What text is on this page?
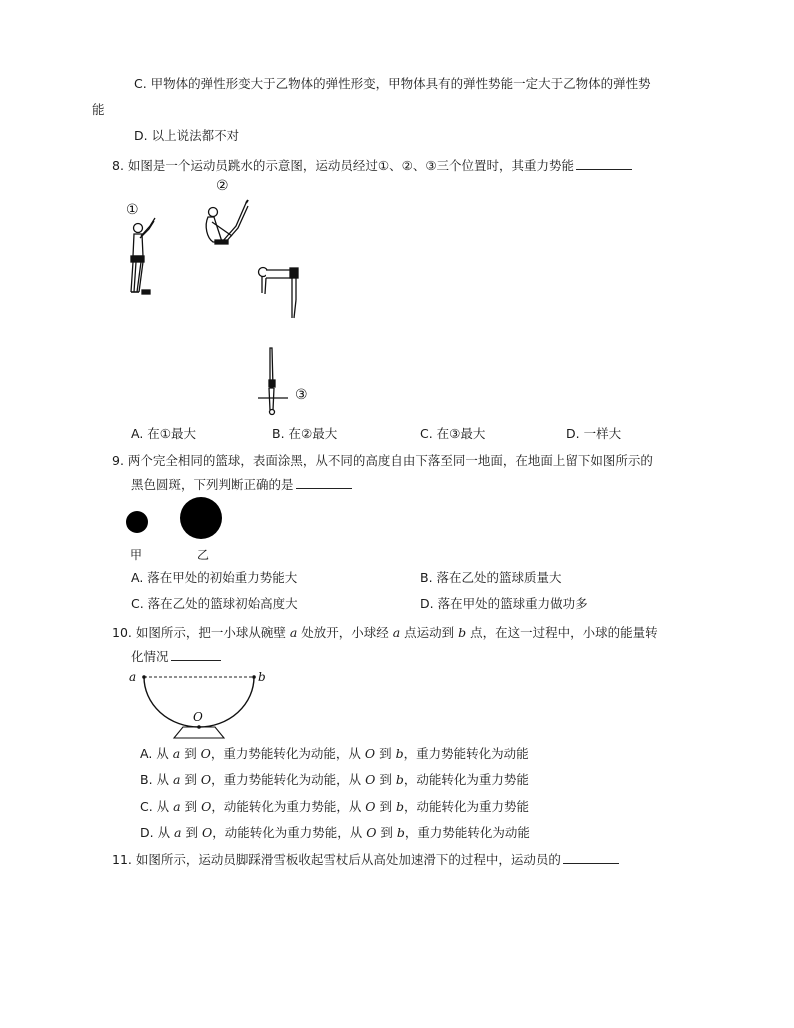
C. 甲物体的弹性形变大于乙物体的弹性形变，甲物体具有的弹性势能一定大于乙物体的弹性势
能
D. 以上说法都不对
8. 如图是一个运动员跳水的示意图，运动员经过①、②、③三个位置时，其重力势能
①
②
③
A. 在①最大	B. 在②最大	C. 在③最大	D. 一样大
9. 两个完全相同的篮球，表面涂黑，从不同的高度自由下落至同一地面，在地面上留下如图所示的
黑色圆斑，下列判断正确的是
甲	乙
A. 落在甲处的初始重力势能大	B. 落在乙处的篮球质量大
C. 落在乙处的篮球初始高度大	D. 落在甲处的篮球重力做功多
10. 如图所示，把一小球从碗壁 a 处放开，小球经 a 点运动到 b 点，在这一过程中，小球的能量转
化情况
a	b
O
A. 从 a 到 O，重力势能转化为动能，从 O 到 b，重力势能转化为动能
B. 从 a 到 O，重力势能转化为动能，从 O 到 b，动能转化为重力势能
C. 从 a 到 O，动能转化为重力势能，从 O 到 b，动能转化为重力势能
D. 从 a 到 O，动能转化为重力势能，从 O 到 b，重力势能转化为动能
11. 如图所示，运动员脚踩滑雪板收起雪杖后从高处加速滑下的过程中，运动员的
